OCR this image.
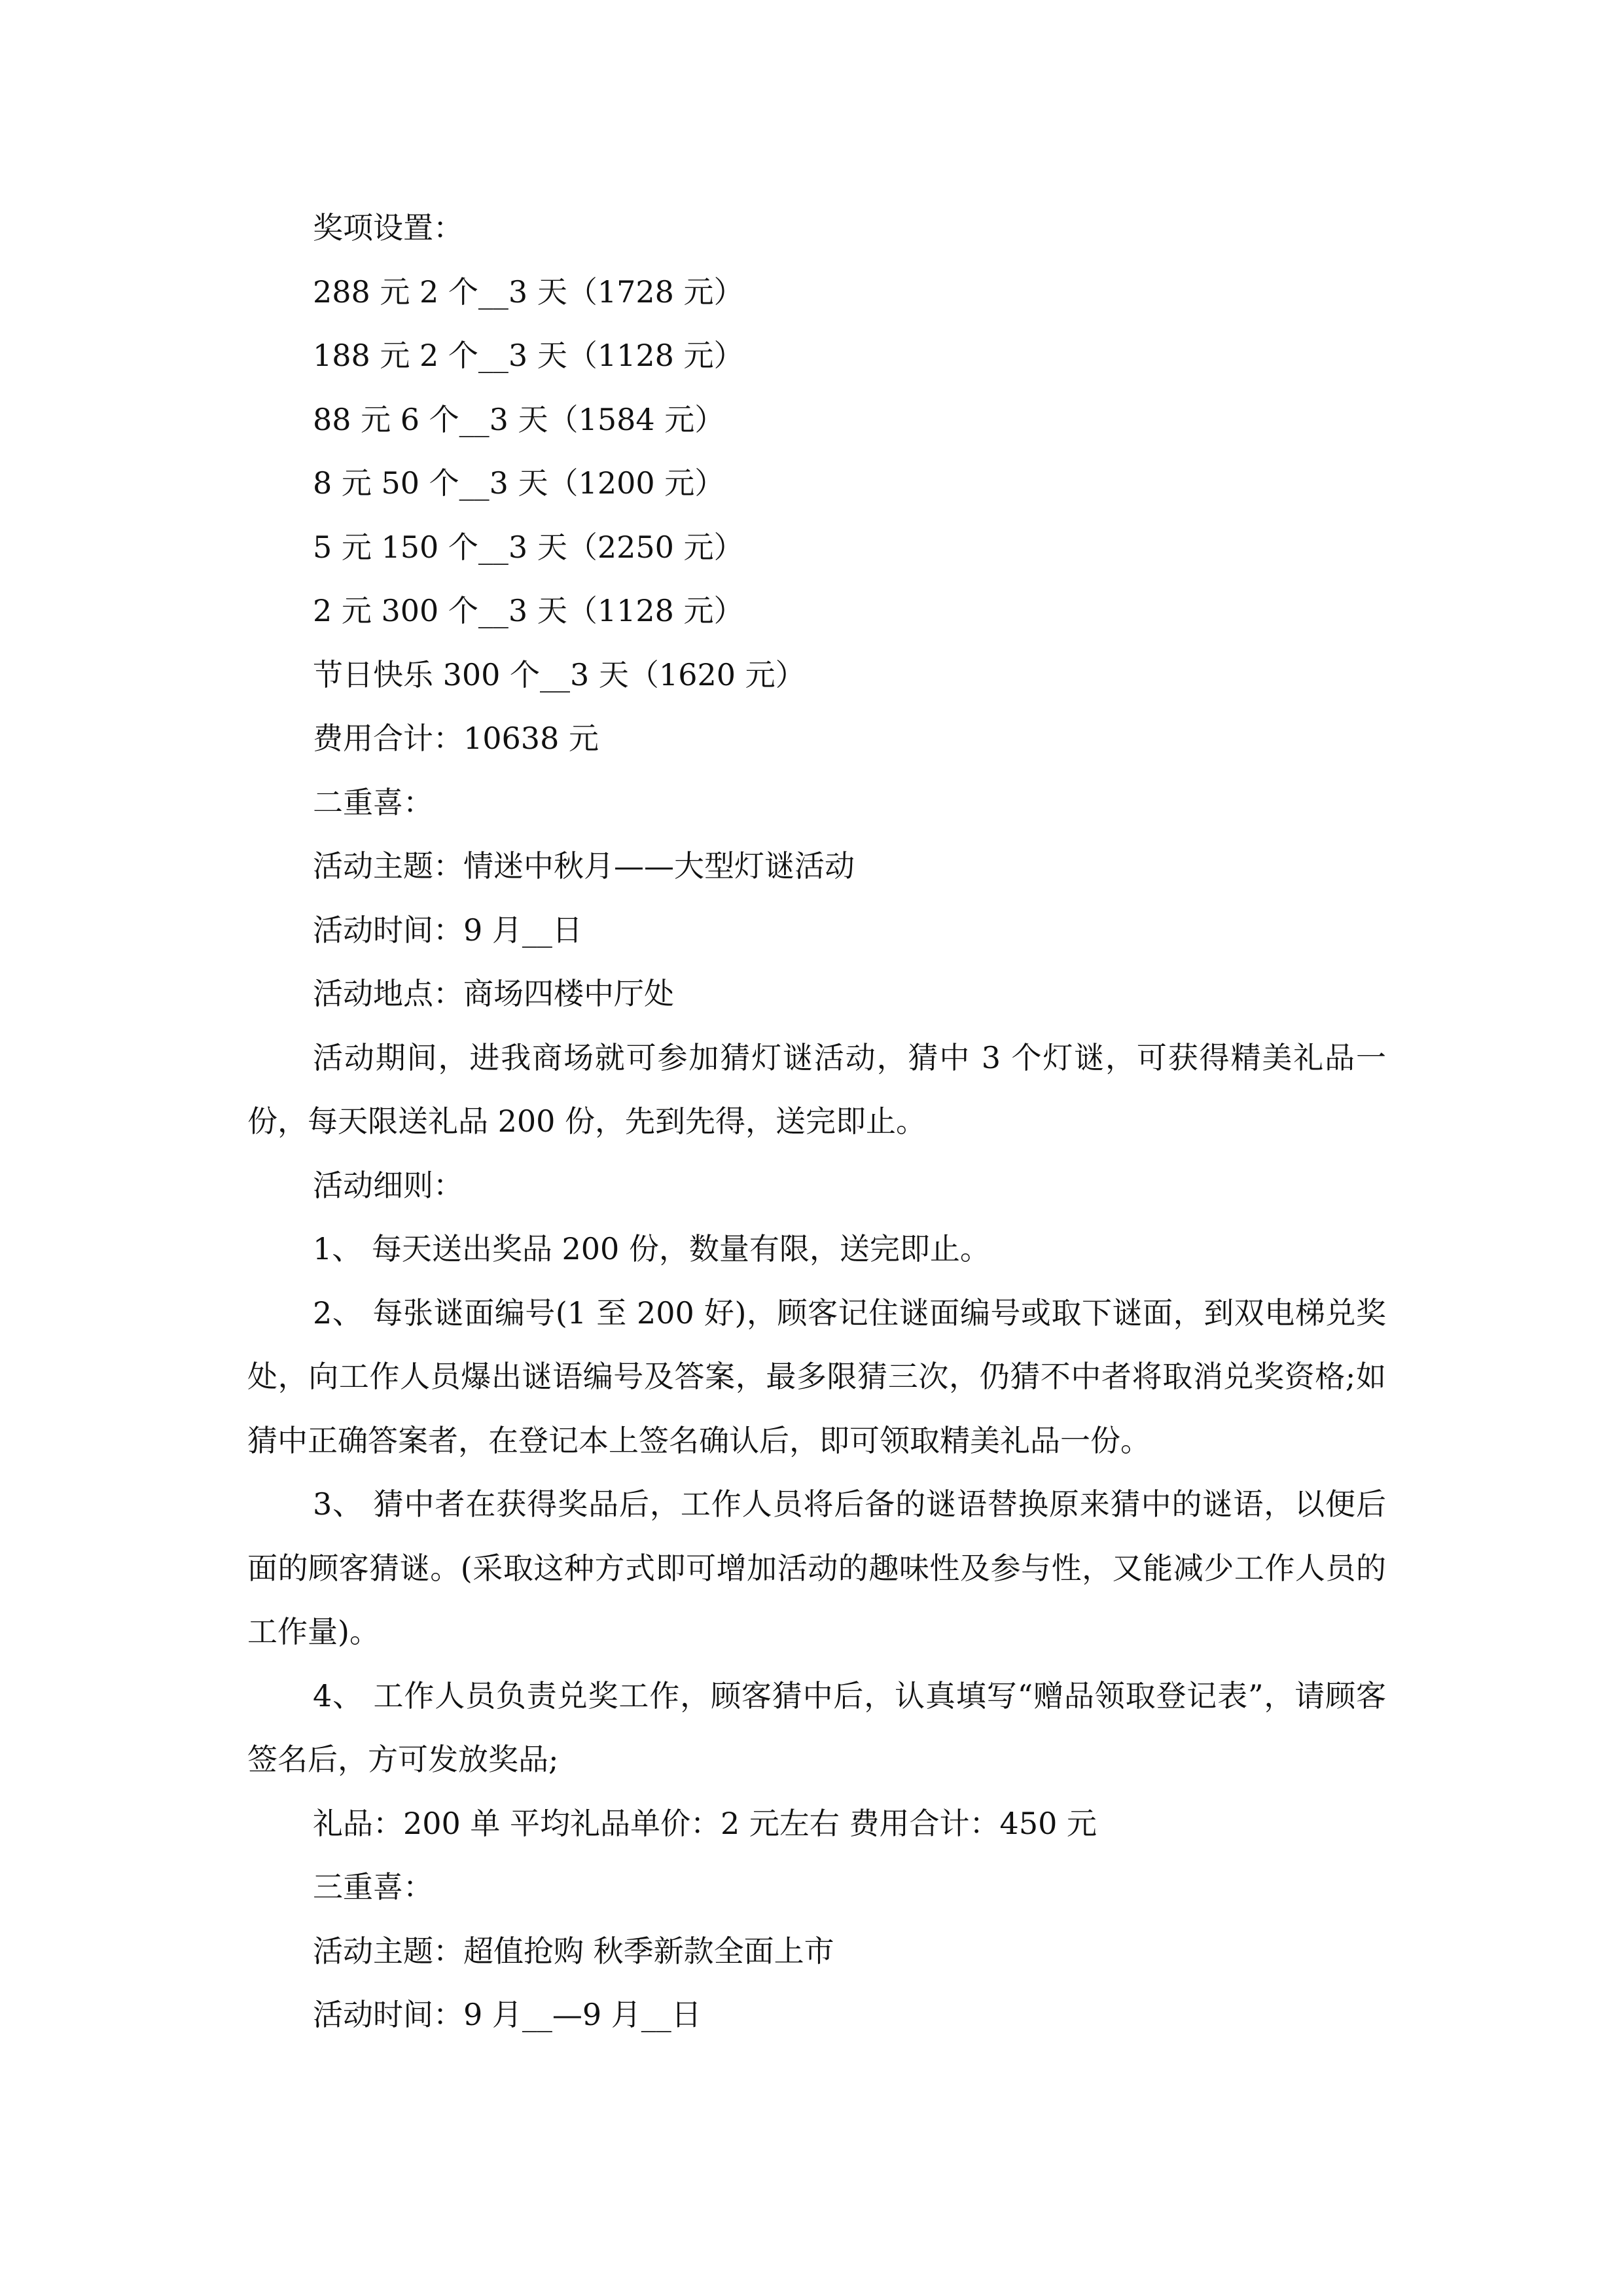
奖项设置：

288 元 2 个__3 天（1728 元）

188 元 2 个__3 天（1128 元）

88 元 6 个__3 天（1584 元）

8 元 50 个__3 天（1200 元）

5 元 150 个__3 天（2250 元）

2 元 300 个__3 天（1128 元）

节日快乐 300 个__3 天（1620 元）

费用合计：10638 元

二重喜：

活动主题：情迷中秋月——大型灯谜活动

活动时间：9 月__日

活动地点：商场四楼中厅处

活动期间，进我商场就可参加猜灯谜活动，猜中 3 个灯谜，可获得精美礼品一份，每天限送礼品 200 份，先到先得，送完即止。

活动细则：

1、 每天送出奖品 200 份，数量有限，送完即止。

2、 每张谜面编号(1 至 200 好)，顾客记住谜面编号或取下谜面，到双电梯兑奖处，向工作人员爆出谜语编号及答案，最多限猜三次，仍猜不中者将取消兑奖资格;如猜中正确答案者，在登记本上签名确认后，即可领取精美礼品一份。

3、 猜中者在获得奖品后，工作人员将后备的谜语替换原来猜中的谜语，以便后面的顾客猜谜。(采取这种方式即可增加活动的趣味性及参与性，又能减少工作人员的工作量)。

4、 工作人员负责兑奖工作，顾客猜中后，认真填写“赠品领取登记表”，请顾客签名后，方可发放奖品;

礼品：200 单 平均礼品单价：2 元左右 费用合计：450 元

三重喜：

活动主题：超值抢购 秋季新款全面上市

活动时间：9 月__—9 月__日
